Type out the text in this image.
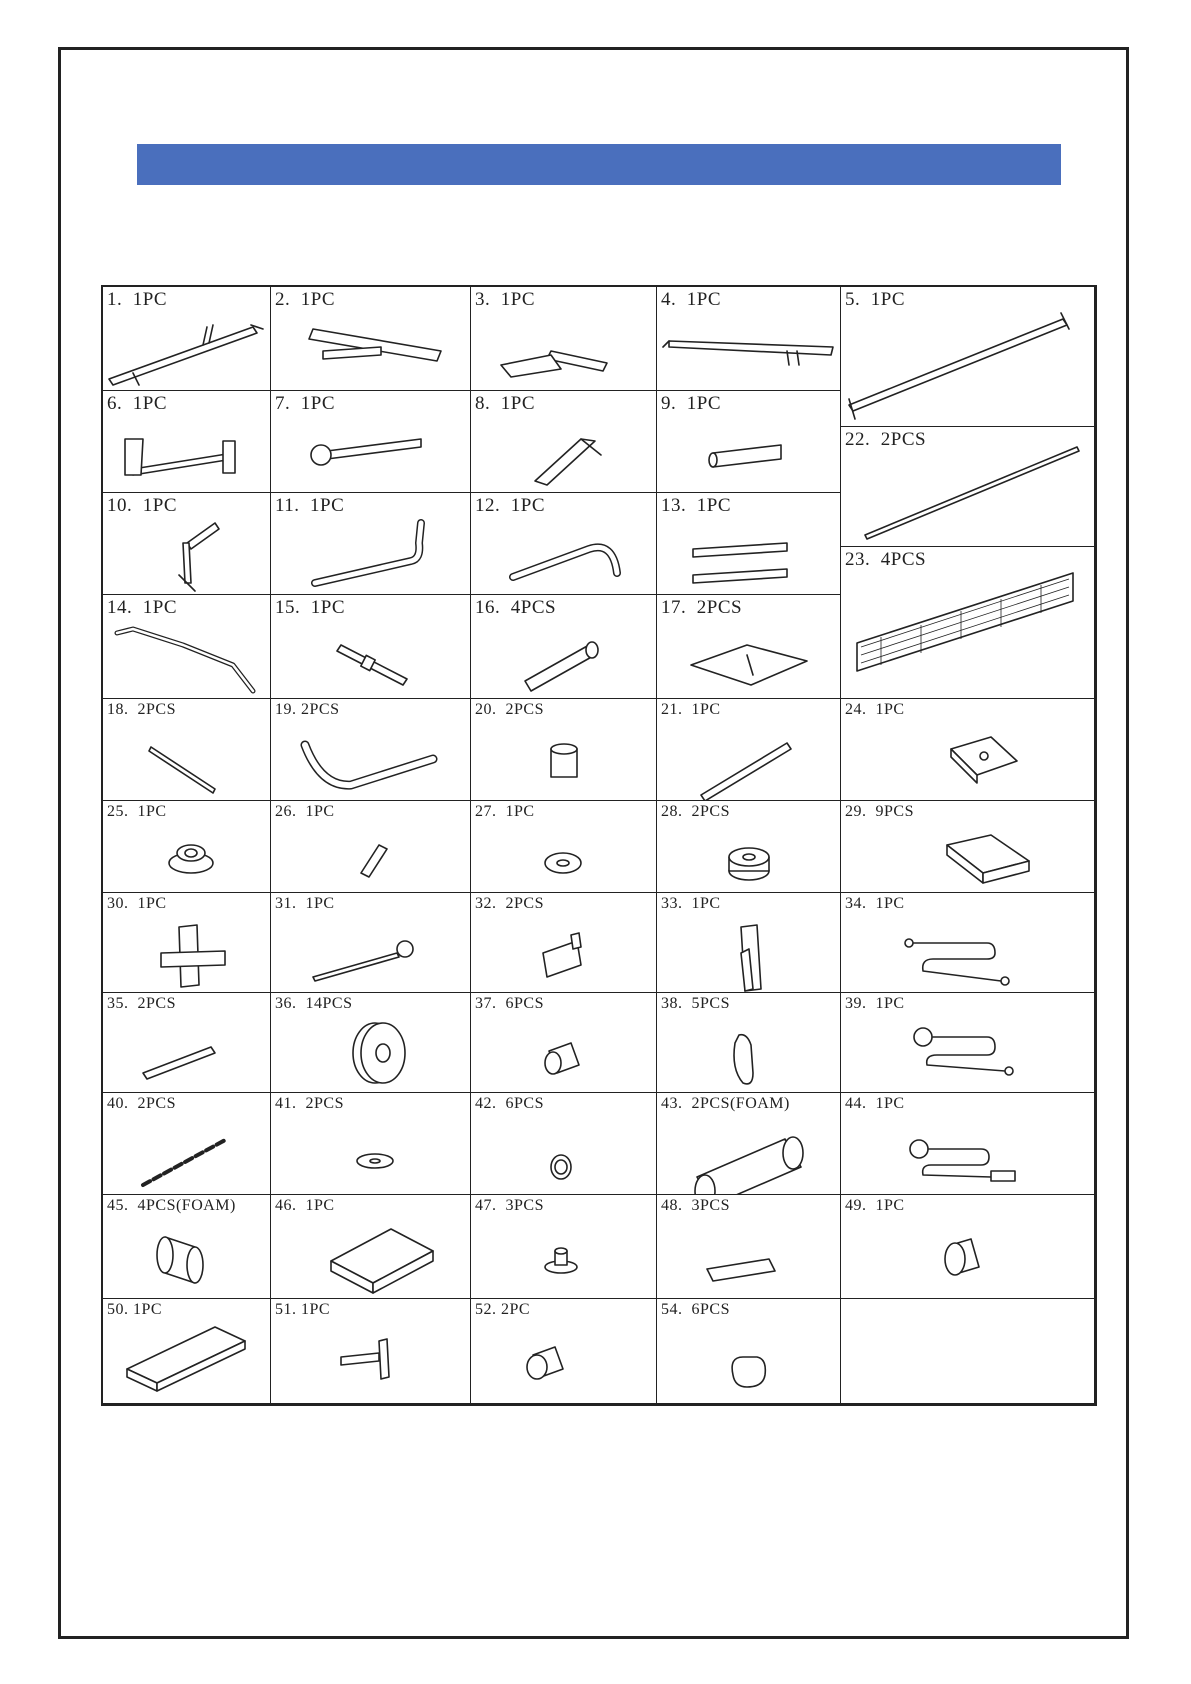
1.  1PC	2.  1PC	3.  1PC	4.  1PC	5.  1PC
6.  1PC	7.  1PC	8.  1PC	9.  1PC
22.  2PCS
10.  1PC	11.  1PC	12.  1PC	13.  1PC
23.  4PCS
14.  1PC	15.  1PC	16.  4PCS	17.  2PCS
18.  2PCS	19. 2PCS	20.  2PCS	21.  1PC	24.  1PC
25.  1PC	26.  1PC	27.  1PC	28.  2PCS	29.  9PCS
30.  1PC	31.  1PC	32.  2PCS	33.  1PC	34.  1PC
35.  2PCS	36.  14PCS	37.  6PCS	38.  5PCS	39.  1PC
40.  2PCS	41.  2PCS	42.  6PCS	43.  2PCS(FOAM)	44.  1PC
45.  4PCS(FOAM) 46.  1PC	47.  3PCS	48.  3PCS	49.  1PC
50. 1PC	51. 1PC	52. 2PC	54.  6PCS
